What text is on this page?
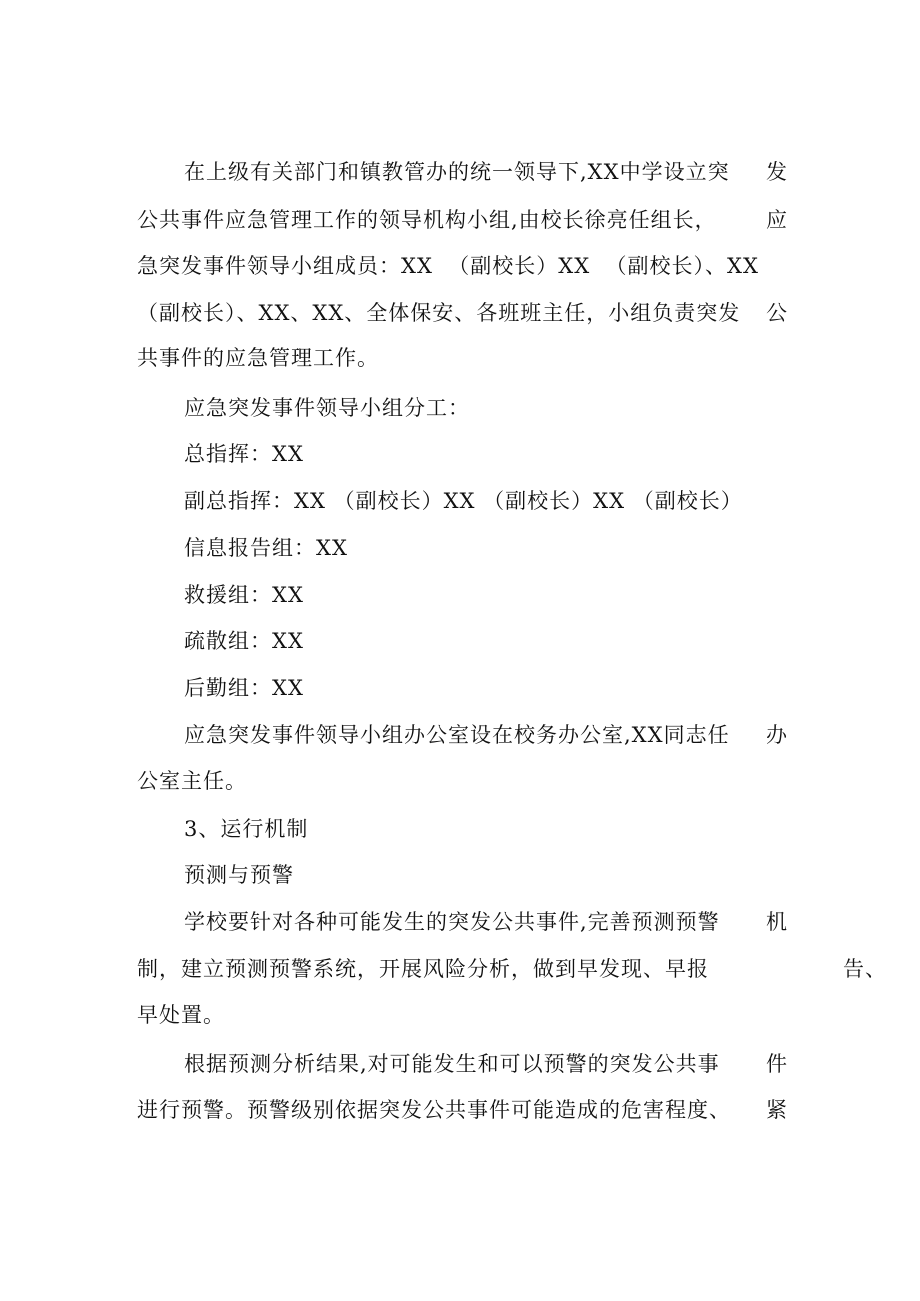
在上级有关部门和镇教管办的统一领导下,XX中学设立突 发
公共事件应急管理工作的领导机构小组,由校长徐亮任组长， 应
急突发事件领导小组成员：XX  （副校长）XX  （副校长）、XX
（副校长）、XX、XX、全体保安、各班班主任，小组负责突发 公
共事件的应急管理工作。
应急突发事件领导小组分工：
总指挥：XX
副总指挥：XX （副校长）XX （副校长）XX （副校长）
信息报告组：XX
救援组：XX
疏散组：XX
后勤组：XX
应急突发事件领导小组办公室设在校务办公室,XX同志任 办
公室主任。
3、运行机制
预测与预警
学校要针对各种可能发生的突发公共事件,完善预测预警 机
制，建立预测预警系统，开展风险分析，做到早发现、早报	告、
早处置。
根据预测分析结果,对可能发生和可以预警的突发公共事 件
进行预警。预警级别依据突发公共事件可能造成的危害程度、 紧
